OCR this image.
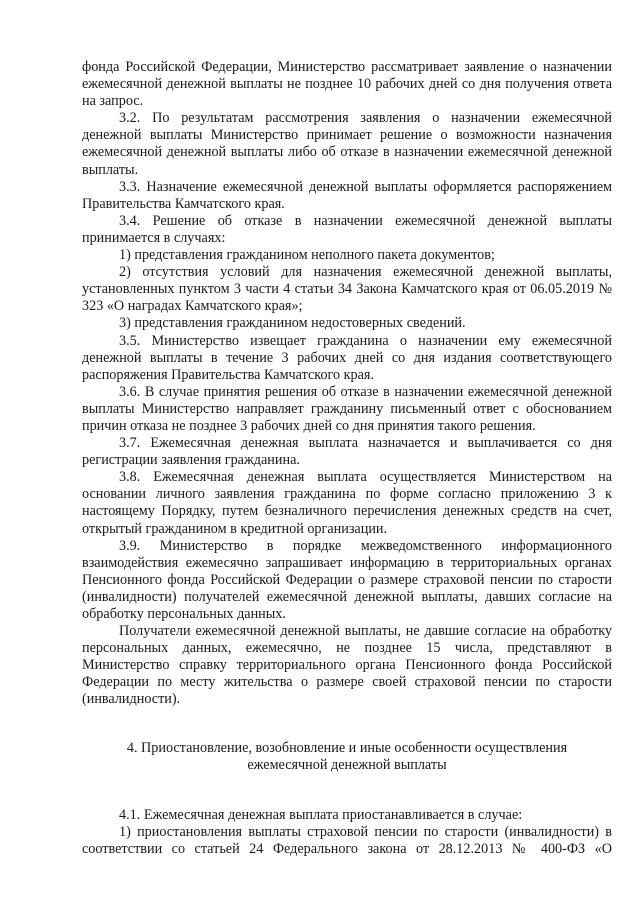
фонда Российской Федерации, Министерство рассматривает заявление о назначении ежемесячной денежной выплаты не позднее 10 рабочих дней со дня получения ответа на запрос.

3.2. По результатам рассмотрения заявления о назначении ежемесячной денежной выплаты Министерство принимает решение о возможности назначения ежемесячной денежной выплаты либо об отказе в назначении ежемесячной денежной выплаты.

3.3. Назначение ежемесячной денежной выплаты оформляется распоряжением Правительства Камчатского края.

3.4. Решение об отказе в назначении ежемесячной денежной выплаты принимается в случаях:

1) представления гражданином неполного пакета документов;

2) отсутствия условий для назначения ежемесячной денежной выплаты, установленных пунктом 3 части 4 статьи 34 Закона Камчатского края от 06.05.2019 № 323 «О наградах Камчатского края»;

3) представления гражданином недостоверных сведений.

3.5. Министерство извещает гражданина о назначении ему ежемесячной денежной выплаты в течение 3 рабочих дней со дня издания соответствующего распоряжения Правительства Камчатского края.

3.6. В случае принятия решения об отказе в назначении ежемесячной денежной выплаты Министерство направляет гражданину письменный ответ с обоснованием причин отказа не позднее 3 рабочих дней со дня принятия такого решения.

3.7. Ежемесячная денежная выплата назначается и выплачивается со дня регистрации заявления гражданина.

3.8. Ежемесячная денежная выплата осуществляется Министерством на основании личного заявления гражданина по форме согласно приложению 3 к настоящему Порядку, путем безналичного перечисления денежных средств на счет, открытый гражданином в кредитной организации.

3.9. Министерство в порядке межведомственного информационного взаимодействия ежемесячно запрашивает информацию в территориальных органах Пенсионного фонда Российской Федерации о размере страховой пенсии по старости (инвалидности) получателей ежемесячной денежной выплаты, давших согласие на обработку персональных данных.

Получатели ежемесячной денежной выплаты, не давшие согласие на обработку персональных данных, ежемесячно, не позднее 15 числа, представляют в Министерство справку территориального органа Пенсионного фонда Российской Федерации по месту жительства о размере своей страховой пенсии по старости (инвалидности).

4. Приостановление, возобновление и иные особенности осуществления
ежемесячной денежной выплаты

4.1. Ежемесячная денежная выплата приостанавливается в случае:

1) приостановления выплаты страховой пенсии по старости (инвалидности) в соответствии со статьей 24 Федерального закона от 28.12.2013 № 400-ФЗ «О
